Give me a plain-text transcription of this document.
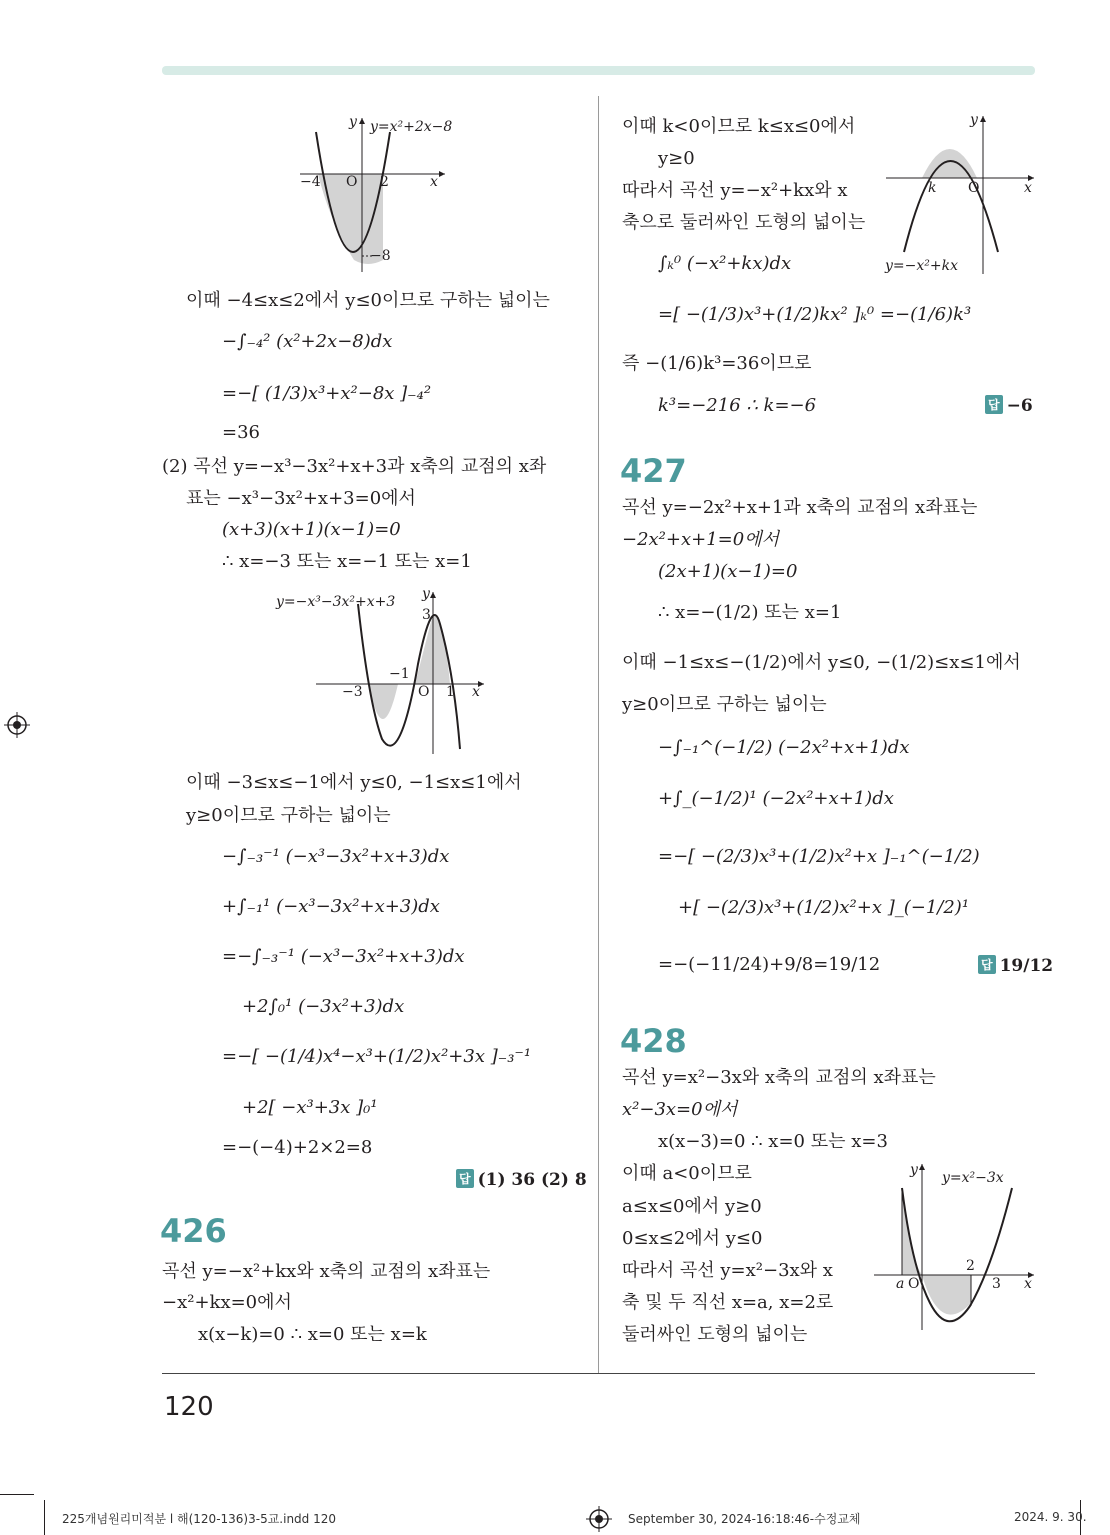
y y=x²+2x−8
−4 O 2	x
−8
이때 −4≤x≤2에서 y≤0이므로 구하는 넓이는
−∫₋₄² (x²+2x−8)dx
=−[ (1/3)x³+x²−8x ]₋₄²
=36
(2) 곡선 y=−x³−3x²+x+3과 x축의 교점의 x좌
표는 −x³−3x²+x+3=0에서
(x+3)(x+1)(x−1)=0
∴ x=−3 또는 x=−1 또는 x=1
y=−x³−3x²+x+3 y
3
−1
−3	O 1 x
이때 −3≤x≤−1에서 y≤0, −1≤x≤1에서
y≥0이므로 구하는 넓이는
−∫₋₃⁻¹ (−x³−3x²+x+3)dx
+∫₋₁¹ (−x³−3x²+x+3)dx
=−∫₋₃⁻¹ (−x³−3x²+x+3)dx
+2∫₀¹ (−3x²+3)dx
=−[ −(1/4)x⁴−x³+(1/2)x²+3x ]₋₃⁻¹
+2[ −x³+3x ]₀¹
=−(−4)+2×2=8
답 (1) 36 (2) 8
426
곡선 y=−x²+kx와 x축의 교점의 x좌표는
−x²+kx=0에서
x(x−k)=0 ∴ x=0 또는 x=k
이때 k<0이므로 k≤x≤0에서
y≥0
따라서 곡선 y=−x²+kx와 x
축으로 둘러싸인 도형의 넓이는
∫ₖ⁰ (−x²+kx)dx
=[ −(1/3)x³+(1/2)kx² ]ₖ⁰ =−(1/6)k³
즉 −(1/6)k³=36이므로
k³=−216 ∴ k=−6
y
k O	x
y=−x²+kx
답 −6
427
곡선 y=−2x²+x+1과 x축의 교점의 x좌표는
−2x²+x+1=0에서
(2x+1)(x−1)=0
∴ x=−(1/2) 또는 x=1
이때 −1≤x≤−(1/2)에서 y≤0, −(1/2)≤x≤1에서
y≥0이므로 구하는 넓이는
−∫₋₁^(−1/2) (−2x²+x+1)dx
+∫_(−1/2)¹ (−2x²+x+1)dx
=−[ −(2/3)x³+(1/2)x²+x ]₋₁^(−1/2)
+[ −(2/3)x³+(1/2)x²+x ]_(−1/2)¹
=−(−11/24)+9/8=19/12	답 19/12
428
곡선 y=x²−3x와 x축의 교점의 x좌표는
x²−3x=0에서
x(x−3)=0 ∴ x=0 또는 x=3
이때 a<0이므로
a≤x≤0에서 y≥0
0≤x≤2에서 y≤0
따라서 곡선 y=x²−3x와 x
축 및 두 직선 x=a, x=2로
둘러싸인 도형의 넓이는
y y=x²−3x
2
a O	3 x
120
225개념원리미적분 l 해(120-136)3-5교.indd 120	September 30, 2024-16:18:46-수정교체	2024. 9. 30.
